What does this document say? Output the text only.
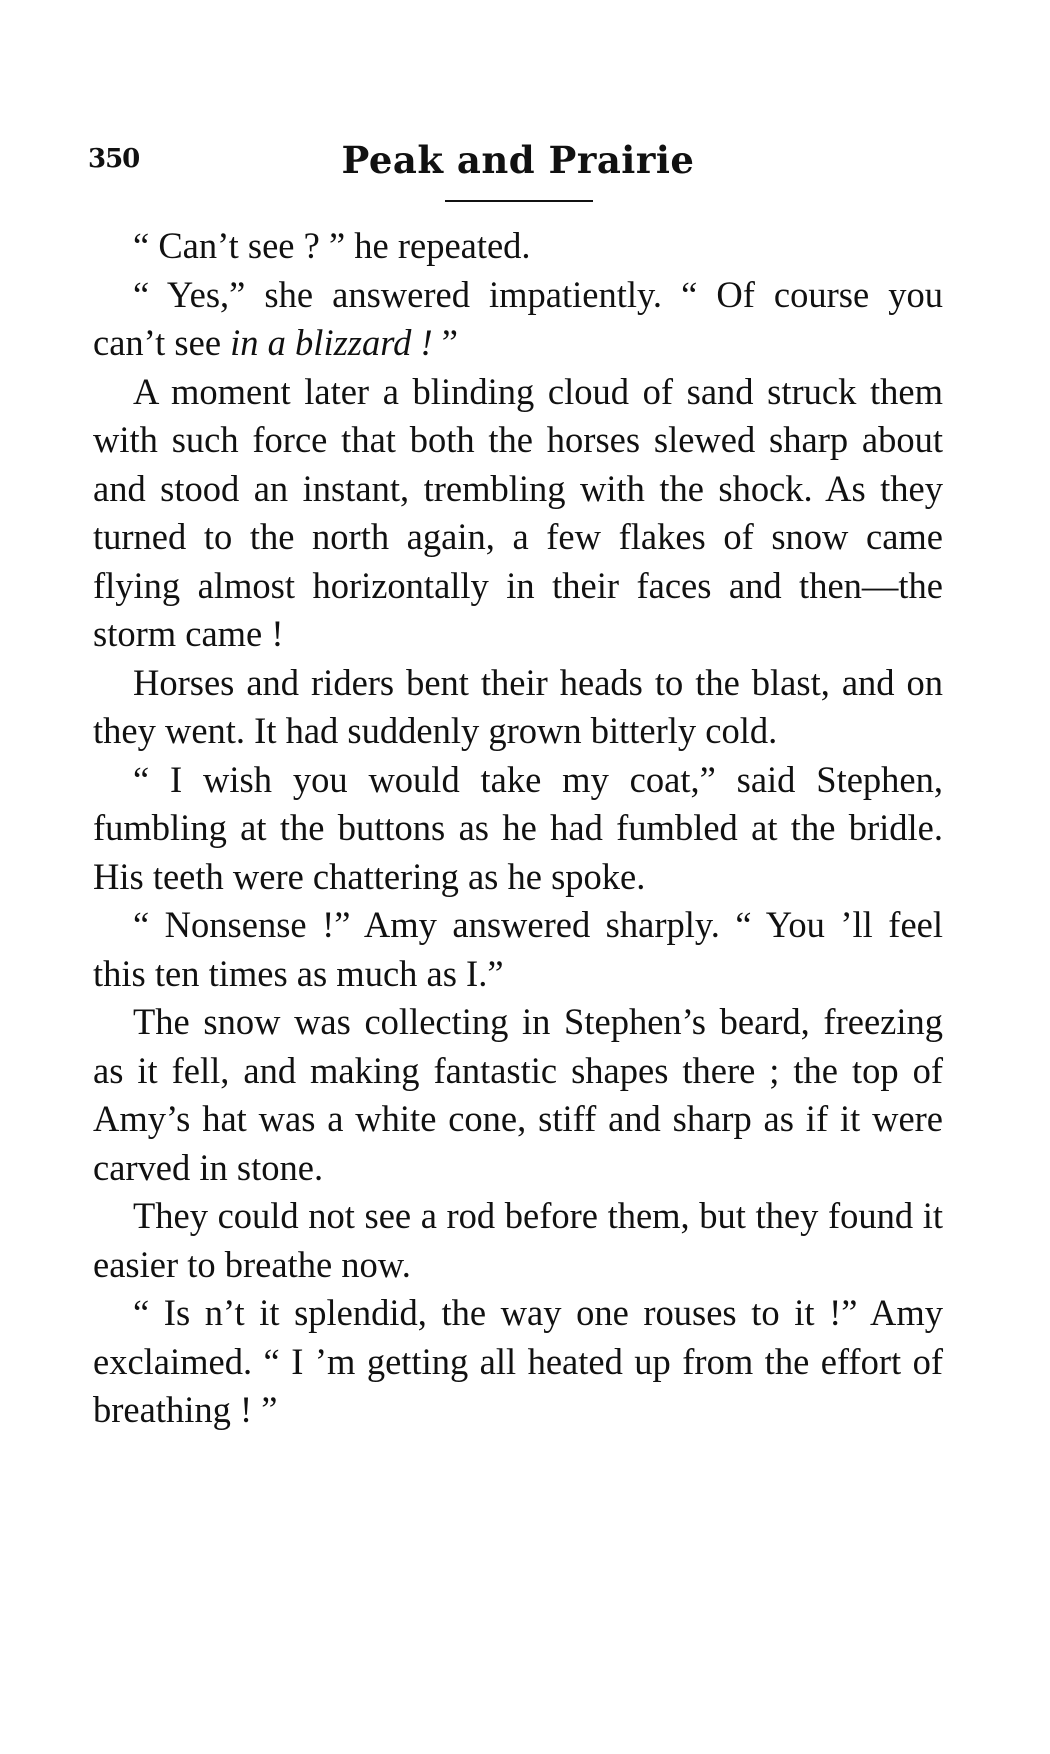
350	Peak and Prairie

“ Can’t see ? ” he repeated.

“ Yes,” she answered impatiently. “ Of course you can’t see in a blizzard ! ”

A moment later a blinding cloud of sand struck them with such force that both the horses slewed sharp about and stood an instant, trembling with the shock. As they turned to the north again, a few flakes of snow came flying almost horizontally in their faces and then—the storm came !

Horses and riders bent their heads to the blast, and on they went. It had suddenly grown bitterly cold.

“ I wish you would take my coat,” said Stephen, fumbling at the buttons as he had fumbled at the bridle. His teeth were chattering as he spoke.

“ Nonsense !” Amy answered sharply. “ You ’ll feel this ten times as much as I.”

The snow was collecting in Stephen’s beard, freezing as it fell, and making fantastic shapes there ; the top of Amy’s hat was a white cone, stiff and sharp as if it were carved in stone.

They could not see a rod before them, but they found it easier to breathe now.

“ Is n’t it splendid, the way one rouses to it !” Amy exclaimed. “ I ’m getting all heated up from the effort of breathing ! ”
